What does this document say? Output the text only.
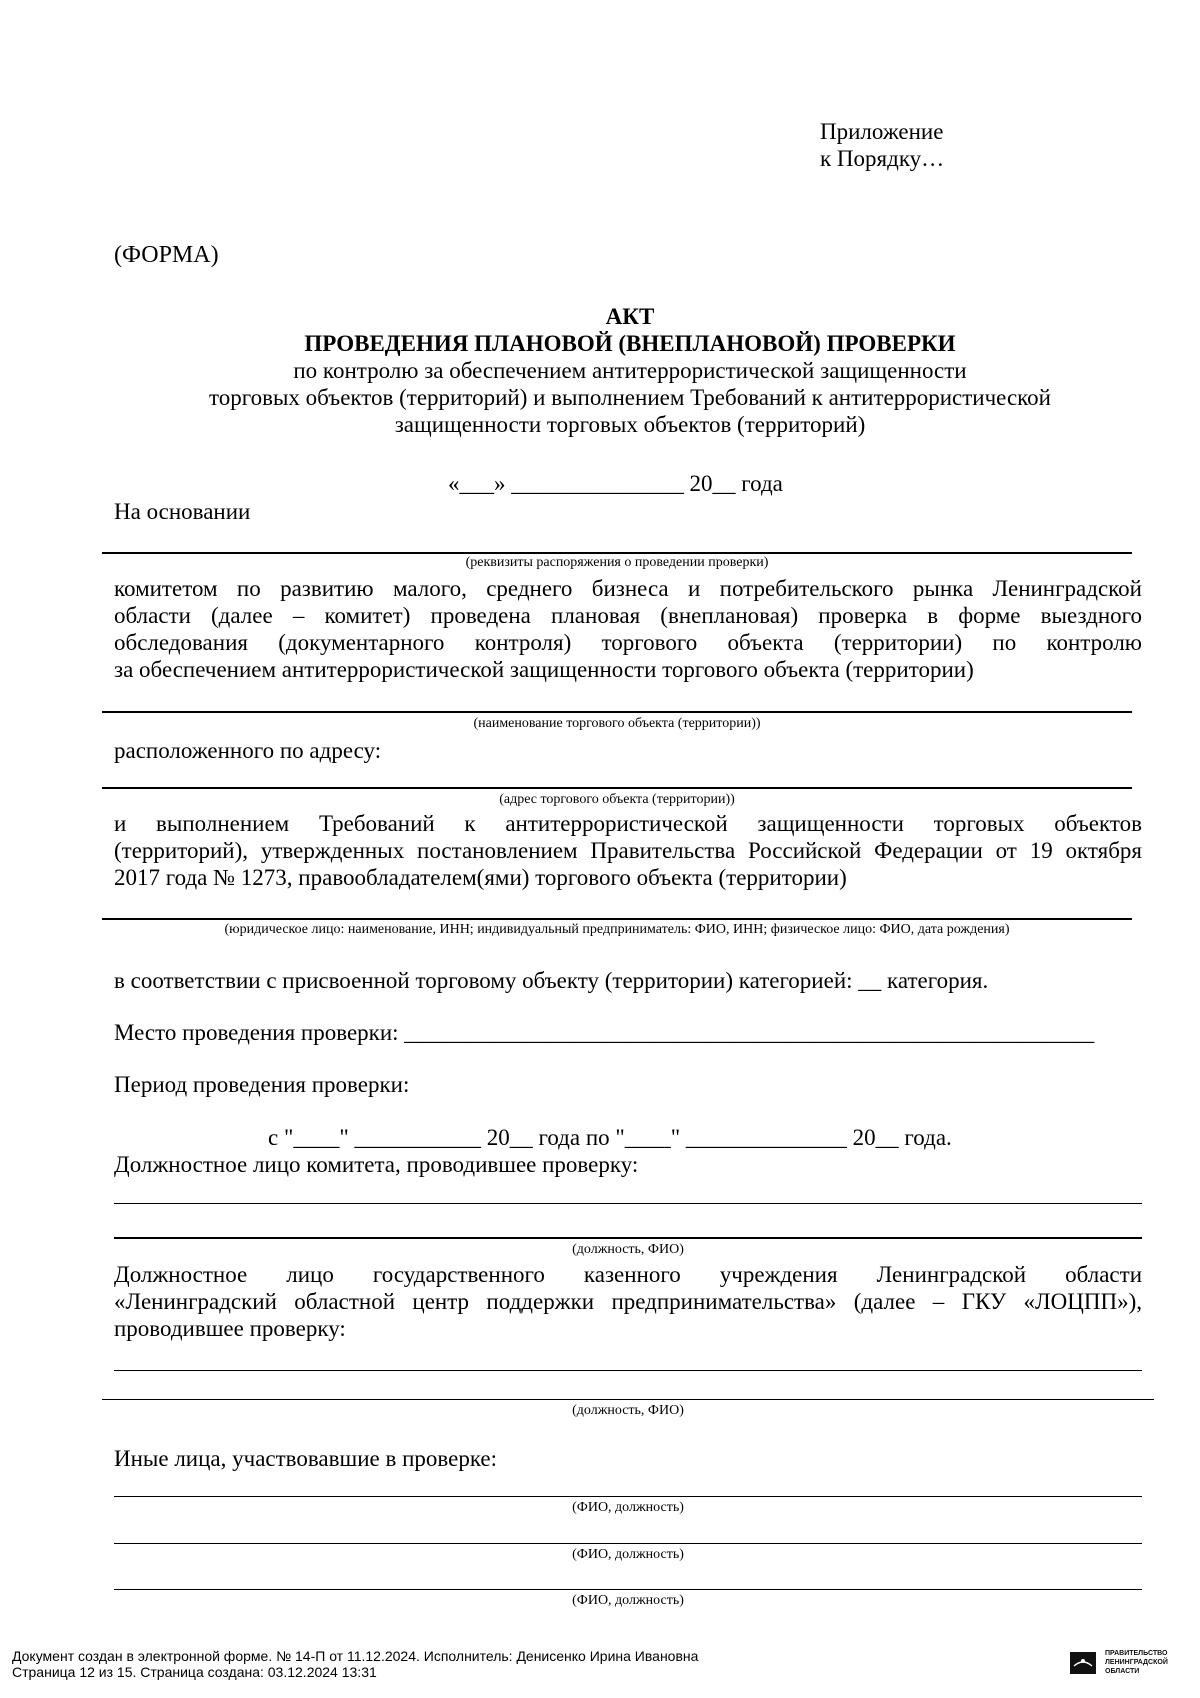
Приложение
к Порядку…
(ФОРМА)
АКТ
ПРОВЕДЕНИЯ ПЛАНОВОЙ (ВНЕПЛАНОВОЙ) ПРОВЕРКИ
по контролю за обеспечением антитеррористической защищенности
торговых объектов (территорий) и выполнением Требований к антитеррористической
защищенности торговых объектов (территорий)
«___» _______________ 20__ года
На основании
(реквизиты распоряжения о проведении проверки)
комитетом по развитию малого, среднего бизнеса и потребительского рынка Ленинградской
области (далее – комитет) проведена плановая (внеплановая) проверка в форме выездного
обследования (документарного контроля) торгового объекта (территории) по контролю
за обеспечением антитеррористической защищенности торгового объекта (территории)
(наименование торгового объекта (территории))
расположенного по адресу:
(адрес торгового объекта (территории))
и выполнением Требований к антитеррористической защищенности торговых объектов
(территорий), утвержденных постановлением Правительства Российской Федерации от 19 октября
2017 года № 1273, правообладателем(ями) торгового объекта (территории)
(юридическое лицо: наименование, ИНН; индивидуальный предприниматель: ФИО, ИНН; физическое лицо: ФИО, дата рождения)
в соответствии с присвоенной торговому объекту (территории) категорией: __ категория.
Место проведения проверки: ____________________________________________________________
Период проведения проверки:
с "____" ___________ 20__ года по "____" ______________ 20__ года.
Должностное лицо комитета, проводившее проверку:
(должность, ФИО)
Должностное лицо государственного казенного учреждения Ленинградской области
«Ленинградский областной центр поддержки предпринимательства» (далее – ГКУ «ЛОЦПП»),
проводившее проверку:
(должность, ФИО)
Иные лица, участвовавшие в проверке:
(ФИО, должность)
(ФИО, должность)
(ФИО, должность)
Документ создан в электронной форме. № 14-П от 11.12.2024. Исполнитель: Денисенко Ирина Ивановна
Страница 12 из 15. Страница создана: 03.12.2024 13:31
ПРАВИТЕЛЬСТВО
ЛЕНИНГРАДСКОЙ
ОБЛАСТИ
